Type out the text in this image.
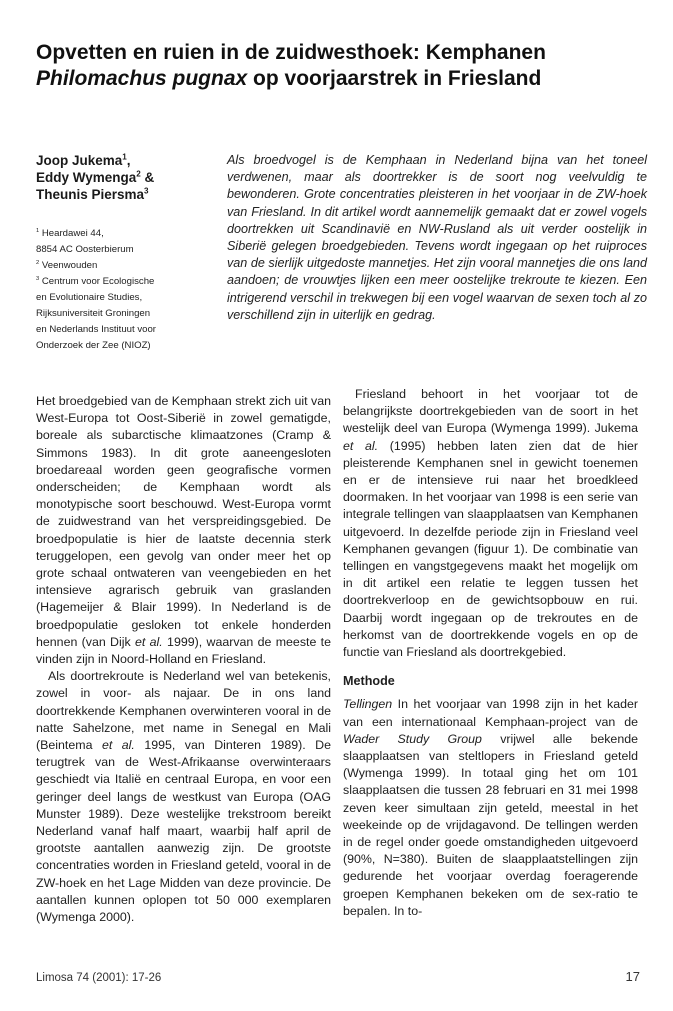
Opvetten en ruien in de zuidwesthoek: Kemphanen
Philomachus pugnax op voorjaarstrek in Friesland
Joop Jukema$^1$,
Eddy Wymenga$^2$ &
Theunis Piersma$^3$
$^1$ Heardawei 44,
8854 AC Oosterbierum
$^2$ Veenwouden
$^3$ Centrum voor Ecologische
en Evolutionaire Studies,
Rijksuniversiteit Groningen
en Nederlands Instituut voor
Onderzoek der Zee (NIOZ)
Als broedvogel is de Kemphaan in Nederland bijna van het toneel verdwenen, maar als doortrekker is de soort nog veelvuldig te bewonderen. Grote concentraties pleisteren in het voorjaar in de ZW-hoek van Friesland. In dit artikel wordt aannemelijk gemaakt dat er zowel vogels doortrekken uit Scandinavië en NW-Rusland als uit verder oostelijk in Siberië gelegen broedgebieden. Tevens wordt ingegaan op het ruiproces van de sierlijk uitgedoste mannetjes. Het zijn vooral mannetjes die ons land aandoen; de vrouwtjes lijken een meer oostelijke trekroute te kiezen. Een intrigerend verschil in trekwegen bij een vogel waarvan de sexen toch al zo verschillend zijn in uiterlijk en gedrag.

Het broedgebied van de Kemphaan strekt zich uit van West-Europa tot Oost-Siberië in zowel gematigde, boreale als subarctische klimaatzones (Cramp & Simmons 1983). In dit grote aaneengesloten broedareaal worden geen geografische vormen onderscheiden; de Kemphaan wordt als monotypische soort beschouwd. West-Europa vormt de zuidwestrand van het verspreidingsgebied. De broedpopulatie is hier de laatste decennia sterk teruggelopen, een gevolg van onder meer het op grote schaal ontwateren van veengebieden en het intensieve agrarisch gebruik van graslanden (Hagemeijer & Blair 1999). In Nederland is de broedpopulatie gesloken tot enkele honderden hennen (van Dijk et al. 1999), waarvan de meeste te vinden zijn in Noord-Holland en Friesland.

Als doortrekroute is Nederland wel van betekenis, zowel in voor- als najaar. De in ons land doortrekkende Kemphanen overwinteren vooral in de natte Sahelzone, met name in Senegal en Mali (Beintema et al. 1995, van Dinteren 1989). De terugtrek van de West-Afrikaanse overwinteraars geschiedt via Italië en centraal Europa, en voor een geringer deel langs de westkust van Europa (OAG Munster 1989). Deze westelijke trekstroom bereikt Nederland vanaf half maart, waarbij half april de grootste aantallen aanwezig zijn. De grootste concentraties worden in Friesland geteld, vooral in de ZW-hoek en het Lage Midden van deze provincie. De aantallen kunnen oplopen tot 50 000 exemplaren (Wymenga 2000).

Friesland behoort in het voorjaar tot de belangrijkste doortrekgebieden van de soort in het westelijk deel van Europa (Wymenga 1999). Jukema et al. (1995) hebben laten zien dat de hier pleisterende Kemphanen snel in gewicht toenemen en er de intensieve rui naar het broedkleed doormaken. In het voorjaar van 1998 is een serie van integrale tellingen van slaapplaatsen van Kemphanen uitgevoerd. In dezelfde periode zijn in Friesland veel Kemphanen gevangen (figuur 1). De combinatie van tellingen en vangstgegevens maakt het mogelijk om in dit artikel een relatie te leggen tussen het doortrekverloop en de gewichtsopbouw en rui. Daarbij wordt ingegaan op de trekroutes en de herkomst van de doortrekkende vogels en op de functie van Friesland als doortrekgebied.

Methode

Tellingen In het voorjaar van 1998 zijn in het kader van een internationaal Kemphaan-project van de Wader Study Group vrijwel alle bekende slaapplaatsen van steltlopers in Friesland geteld (Wymenga 1999). In totaal ging het om 101 slaapplaatsen die tussen 28 februari en 31 mei 1998 zeven keer simultaan zijn geteld, meestal in het weekeinde op de vrijdagavond. De tellingen werden in de regel onder goede omstandigheden uitgevoerd (90%, N=380). Buiten de slaapplaatstellingen zijn gedurende het voorjaar overdag foeragerende groepen Kemphanen bekeken om de sex-ratio te bepalen. In to-

Limosa 74 (2001): 17-26	17
